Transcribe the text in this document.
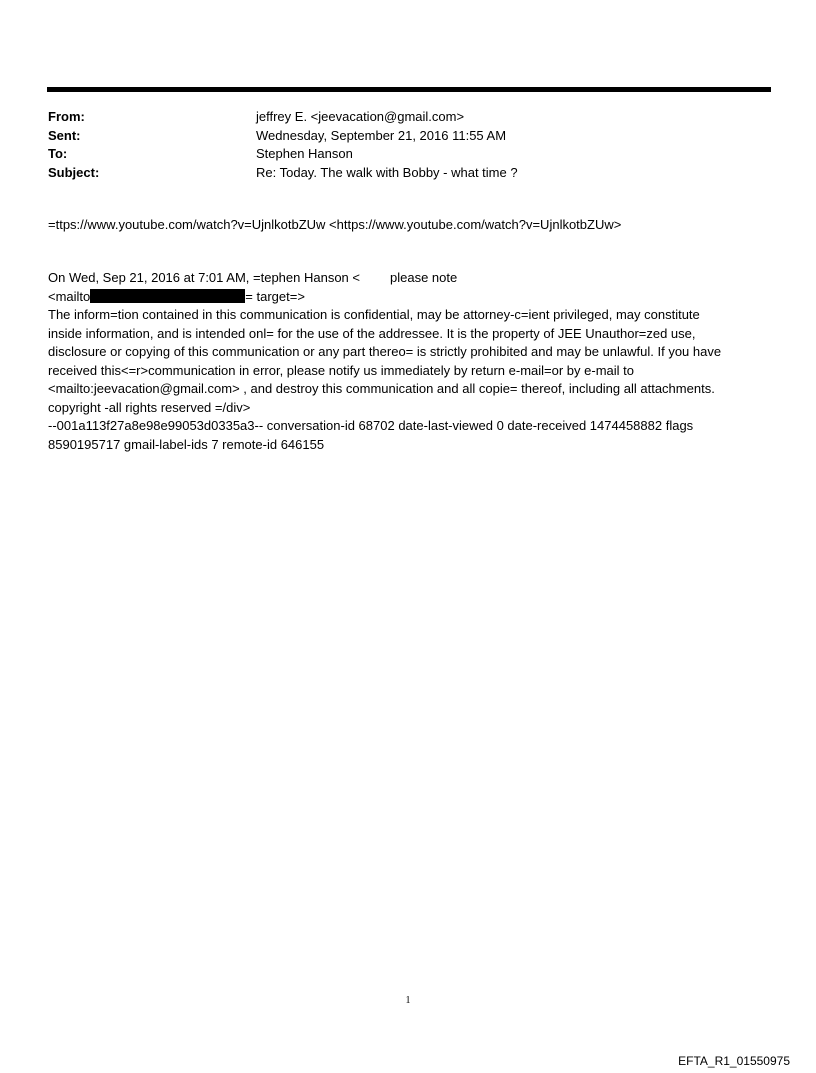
From:	jeffrey E. <jeevacation@gmail.com>
Sent:	Wednesday, September 21, 2016 11:55 AM
To:	Stephen Hanson
Subject:	Re: Today. The walk with Bobby - what time ?
=ttps://www.youtube.com/watch?v=UjnlkotbZUw <https://www.youtube.com/watch?v=UjnlkotbZUw>
On Wed, Sep 21, 2016 at 7:01 AM, =tephen Hanson < please note
<mailto	= target=>
The inform=tion contained in this communication is confidential, may be attorney-c=ient privileged, may constitute
inside information, and is intended onl= for the use of the addressee. It is the property of JEE Unauthor=zed use,
disclosure or copying of this communication or any part thereo= is strictly prohibited and may be unlawful. If you have
received this<=r>communication in error, please notify us immediately by return e-mail=or by e-mail to
<mailto:jeevacation@gmail.com> , and destroy this communication and all copie= thereof, including all attachments.
copyright -all rights reserved =/div>
--001a113f27a8e98e99053d0335a3-- conversation-id 68702 date-last-viewed 0 date-received 1474458882 flags
8590195717 gmail-label-ids 7 remote-id 646155
1
EFTA_R1_01550975
